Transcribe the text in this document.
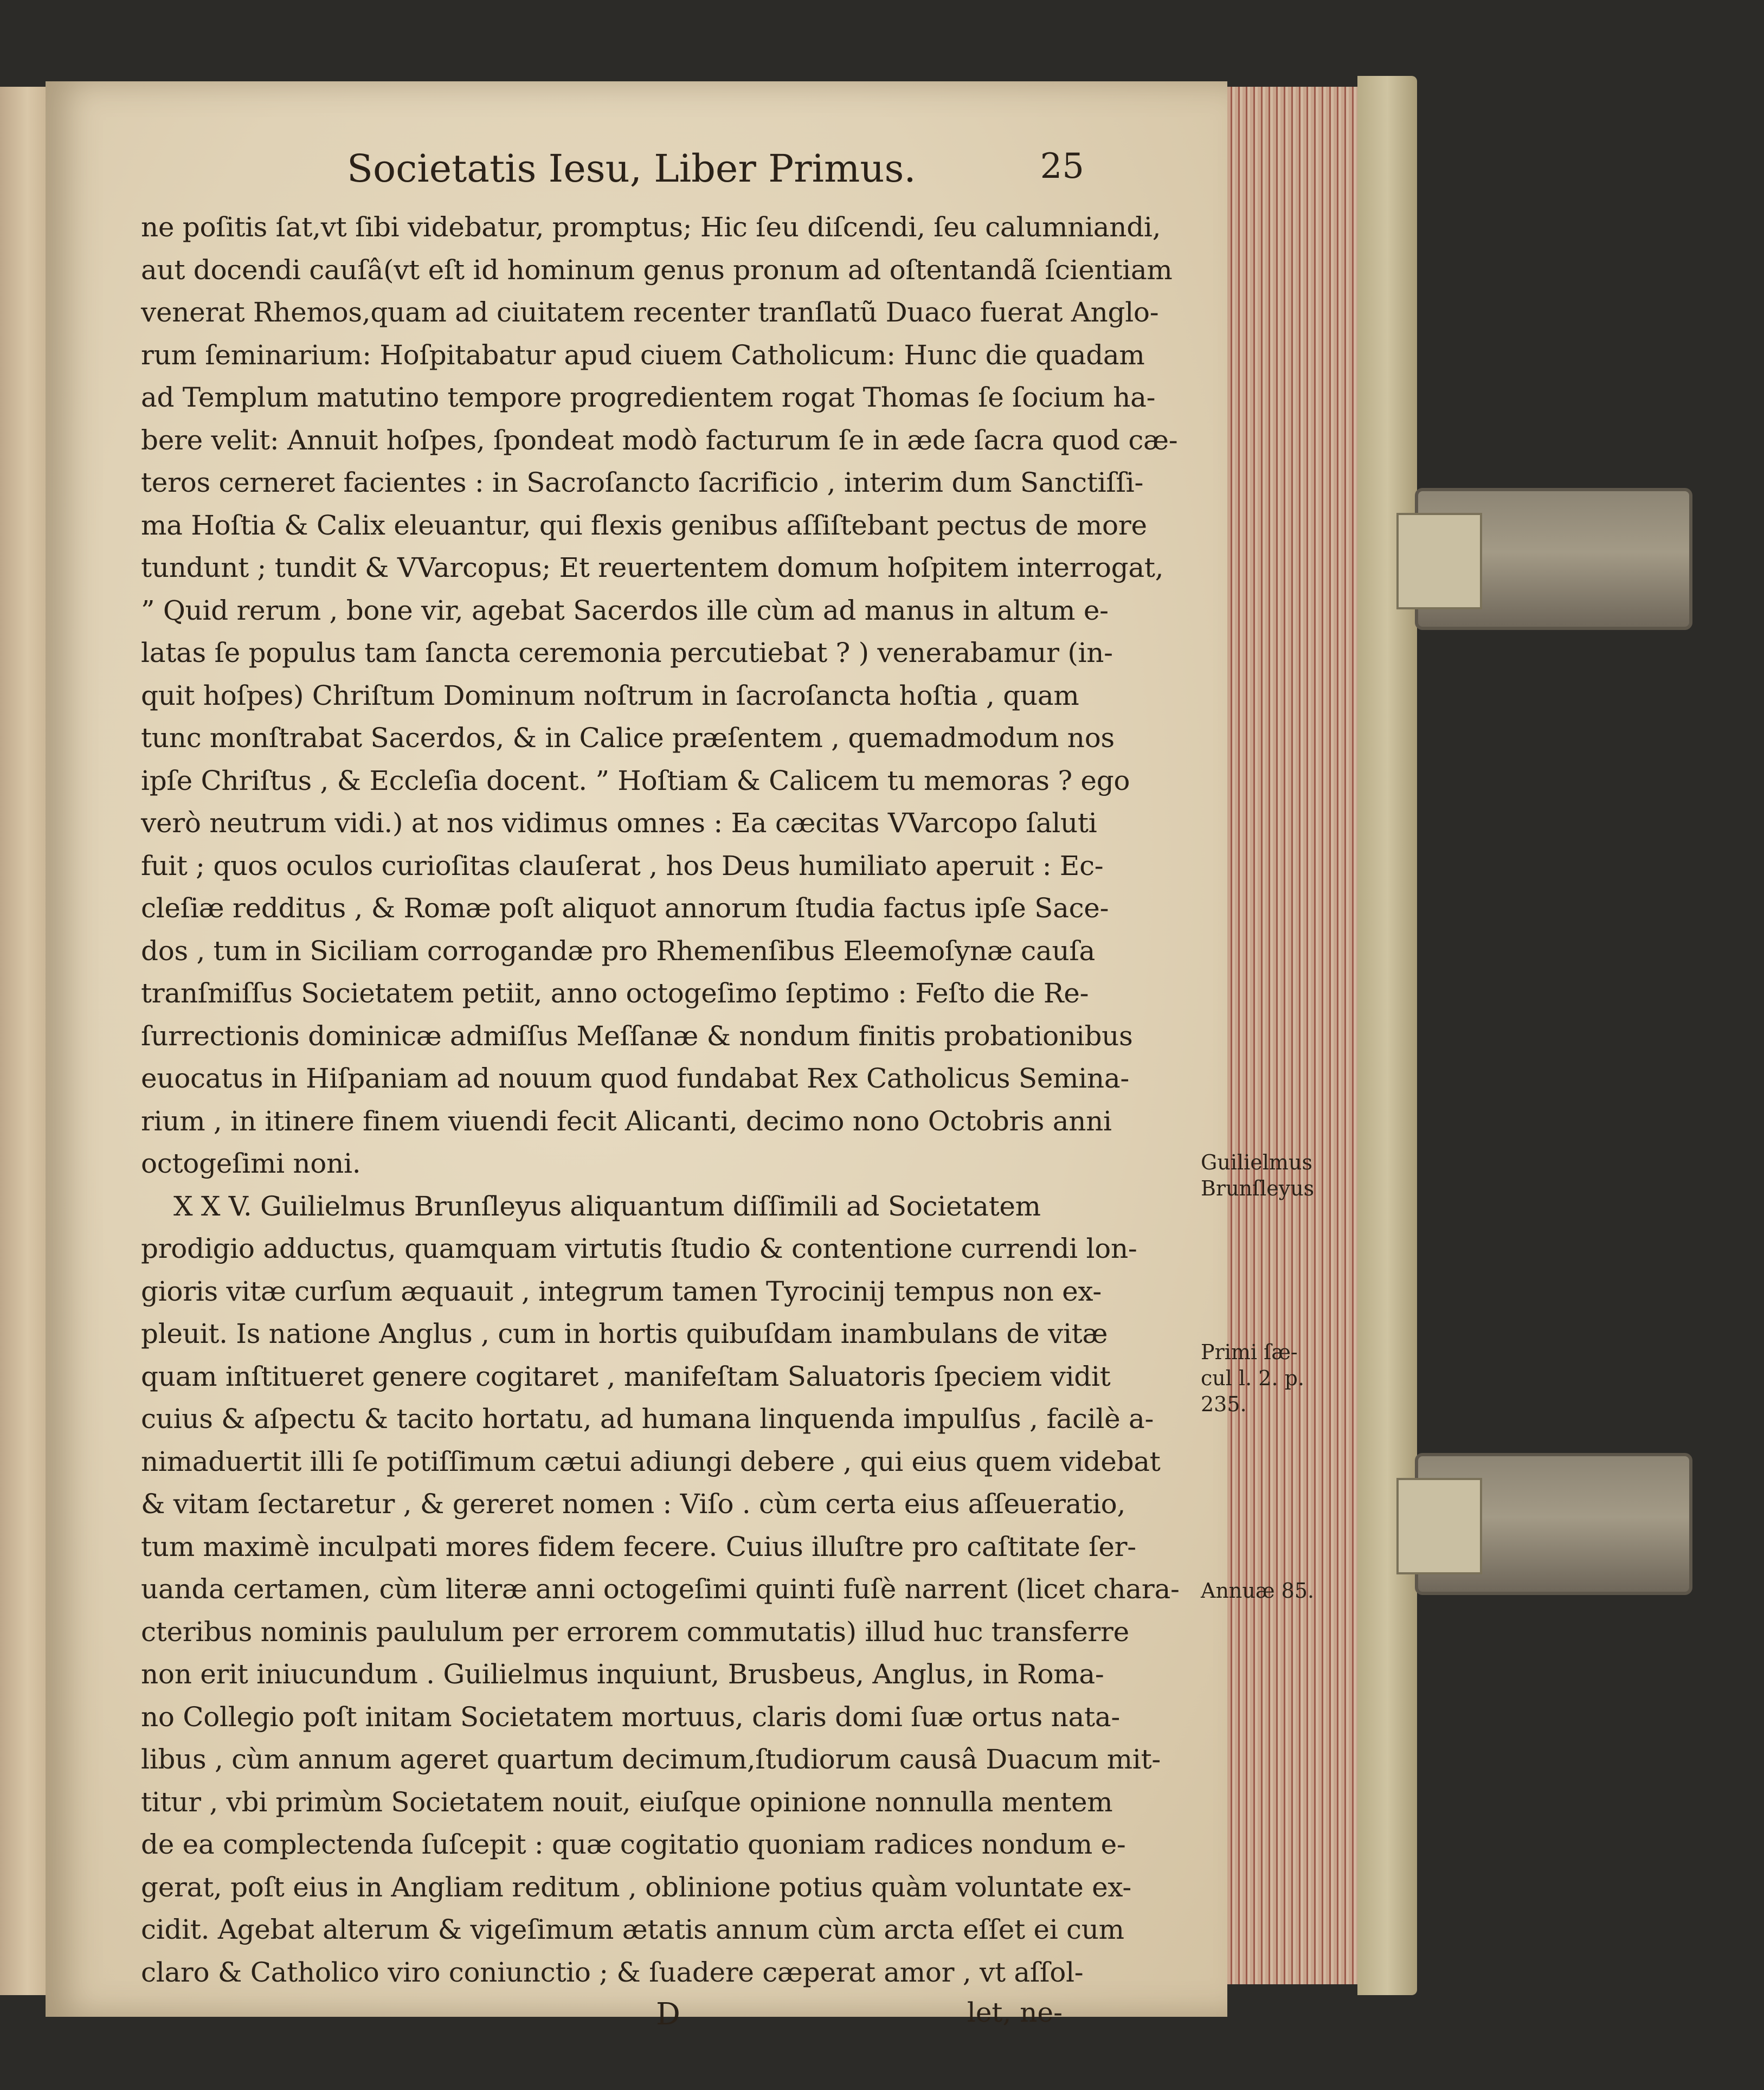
Societatis Iesu, Liber Primus.	25
Guilielmus
Brunſleyus
Primi ſæ-
cul l. 2. p.
235.
Annuæ 85.
ne poſitis ſat,vt ſibi videbatur, promptus; Hic ſeu diſcendi, ſeu calumniandi,
aut docendi cauſâ(vt eſt id hominum genus pronum ad oſtentandã ſcientiam
venerat Rhemos,quam ad ciuitatem recenter tranſlatũ Duaco fuerat Anglo-
rum ſeminarium: Hoſpitabatur apud ciuem Catholicum: Hunc die quadam
ad Templum matutino tempore progredientem rogat Thomas ſe ſocium ha-
bere velit: Annuit hoſpes, ſpondeat modò facturum ſe in æde ſacra quod cæ-
teros cerneret facientes : in Sacroſancto ſacrificio , interim dum Sanctiſſi-
ma Hoſtia & Calix eleuantur, qui flexis genibus aſſiſtebant pectus de more
tundunt ; tundit & VVarcopus; Et reuertentem domum hoſpitem interrogat,
” Quid rerum , bone vir, agebat Sacerdos ille cùm ad manus in altum e-
latas ſe populus tam ſancta ceremonia percutiebat ? ) venerabamur (in-
quit hoſpes) Chriſtum Dominum noſtrum in ſacroſancta hoſtia , quam
tunc monſtrabat Sacerdos, & in Calice præſentem , quemadmodum nos
ipſe Chriſtus , & Eccleſia docent. ” Hoſtiam & Calicem tu memoras ? ego
verò neutrum vidi.) at nos vidimus omnes : Ea cæcitas VVarcopo ſaluti
fuit ; quos oculos curioſitas clauſerat , hos Deus humiliato aperuit : Ec-
cleſiæ redditus , & Romæ poſt aliquot annorum ſtudia factus ipſe Sace-
dos , tum in Siciliam corrogandæ pro Rhemenſibus Eleemoſynæ cauſa
tranſmiſſus Societatem petiit, anno octogeſimo ſeptimo : Feſto die Re-
ſurrectionis dominicæ admiſſus Meſſanæ & nondum finitis probationibus
euocatus in Hiſpaniam ad nouum quod fundabat Rex Catholicus Semina-
rium , in itinere finem viuendi fecit Alicanti, decimo nono Octobris anni
octogeſimi noni.
X X V. Guilielmus Brunſleyus aliquantum diſſimili ad Societatem
prodigio adductus, quamquam virtutis ſtudio & contentione currendi lon-
gioris vitæ curſum æquauit , integrum tamen Tyrocinij tempus non ex-
pleuit. Is natione Anglus , cum in hortis quibuſdam inambulans de vitæ
quam inſtitueret genere cogitaret , manifeſtam Saluatoris ſpeciem vidit
cuius & aſpectu & tacito hortatu, ad humana linquenda impulſus , facilè a-
nimaduertit illi ſe potiſſimum cætui adiungi debere , qui eius quem videbat
& vitam ſectaretur , & gereret nomen : Viſo . cùm certa eius aſſeueratio,
tum maximè inculpati mores fidem fecere. Cuius illuſtre pro caſtitate ſer-
uanda certamen, cùm literæ anni octogeſimi quinti fuſè narrent (licet chara-
cteribus nominis paululum per errorem commutatis) illud huc transferre
non erit iniucundum . Guilielmus inquiunt, Brusbeus, Anglus, in Roma-
no Collegio poſt initam Societatem mortuus, claris domi ſuæ ortus nata-
libus , cùm annum ageret quartum decimum,ſtudiorum causâ Duacum mit-
titur , vbi primùm Societatem nouit, eiuſque opinione nonnulla mentem
de ea complectenda ſuſcepit : quæ cogitatio quoniam radices nondum e-
gerat, poſt eius in Angliam reditum , oblinione potius quàm voluntate ex-
cidit. Agebat alterum & vigeſimum ætatis annum cùm arcta eſſet ei cum
claro & Catholico viro coniunctio ; & ſuadere cæperat amor , vt aſſol-
D	let, ne-
